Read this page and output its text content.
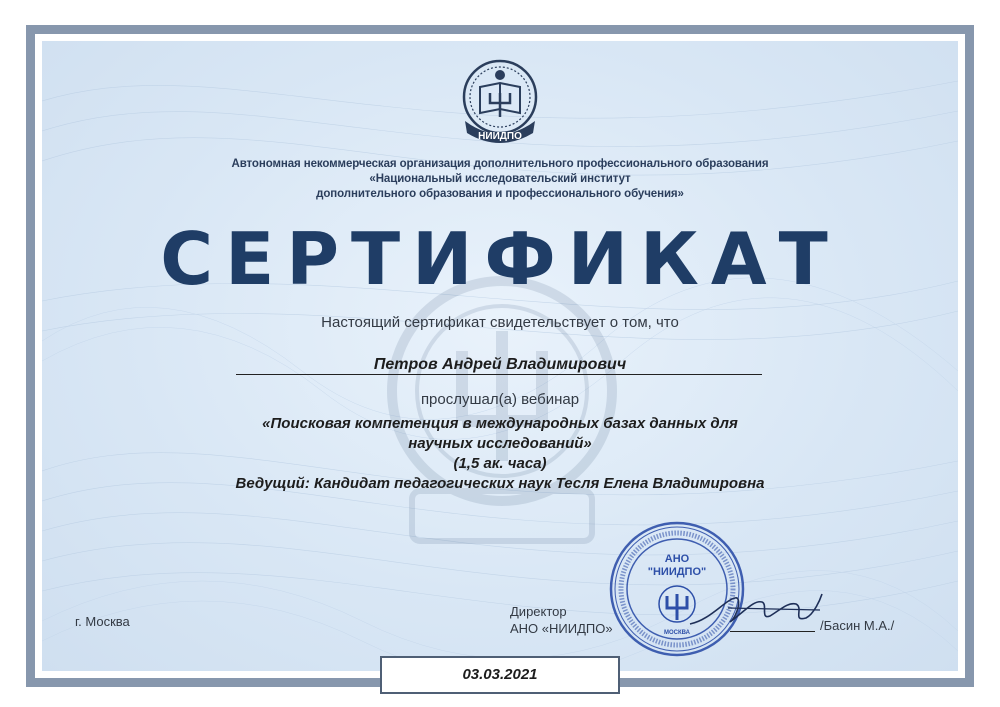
НИИДПО
Автономная некоммерческая организация дополнительного профессионального образования
«Национальный исследовательский институт
дополнительного образования и профессионального обучения»
СЕРТИФИКАТ
Настоящий сертификат свидетельствует о том, что
Петров Андрей Владимирович
прослушал(а) вебинар
«Поисковая компетенция в международных базах данных для
научных исследований»
(1,5 ак. часа)
Ведущий: Кандидат педагогических наук Тесля Елена Владимировна
г. Москва
Директор
АНО «НИИДПО»
АНО
"НИИДПО"
МОСКВА	/Басин М.А./
03.03.2021
